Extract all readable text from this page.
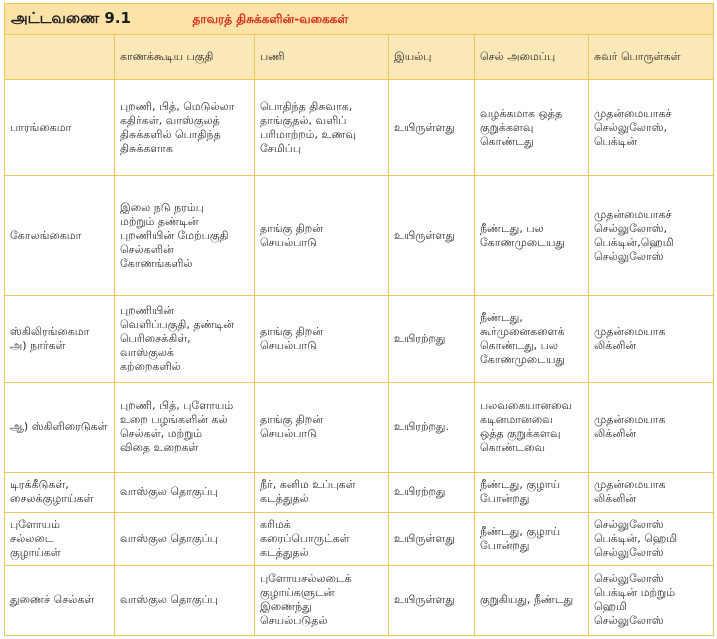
அட்டவணை 9.1 தாவரத் திசுக்களின்-வகைகள்					
	காணக்கூடிய பகுதி	பணி	இயல்பு	செல் அமைப்பு	சுவர் பொருள்கள்
பாரங்கைமா	புறணி, பித், மெடுல்லா
கதிர்கள், வாஸ்குலத்
திசுக்களில் பொதிந்த
திசுக்களாக	பொதிந்த திசுவாக,
தாங்குதல், வளிப்
பரிமாற்றம், உணவு
சேமிப்பு	உயிருள்ளது	வழக்கமாக ஒத்த
குறுக்களவு
கொண்டது	முதன்மையாகச்
செல்லுலோஸ்,
பெக்டின்

கோலங்கைமா	இலை நடு நரம்பு
மற்றும் தண்டின்
புறணியின் மேற்பகுதி
செல்களின்
கோணங்களில்	தாங்கு திறன்
செயல்பாடு	உயிருள்ளது	நீண்டது, பல
கோணமுடையது	முதன்மையாகச்
செல்லுலோஸ்,
பெக்டின்,ஹெமி
செல்லுலோஸ்

ஸ்கிலிரங்கைமா
அ) நார்கள்	புறணியின்
வெளிப்பகுதி, தண்டின்
பெரிசைக்கிள்,
வாஸ்குலக்
கற்றைகளில்	தாங்கு திறன்
செயல்பாடு	உயிரற்றது	நீண்டது,
கூர்முனைகளைக்
கொண்டது, பல
கோணமுடையது	முதன்மையாக
லிக்னின்

ஆ) ஸ்கிளிரைடுகள்	புறணி, பித், புளோயம்
உறை பழங்களின் கல்
செல்கள், மற்றும்
விதை உறைகள்	தாங்கு திறன்
செயல்பாடு	உயிரற்றது.	பலவகையானவை
கடினமானவை
ஒத்த குறுக்களவு
கொண்டவை	முதன்மையாக
லிக்னின்

டிரக்கீடுகள்,
சைலக்குழாய்கள்	வாஸ்குல தொகுப்பு	நீர், கனிம உப்புகள்
கடத்துதல்	உயிரற்றது	நீண்டது, குழாய்
போன்றது	முதன்மையாக
லிக்னின்

புளோயம்
சல்லடை
குழாய்கள்	வாஸ்குல தொகுப்பு	கரிமக்
கரைப்பொருட்கள்
கடத்துதல்	உயிருள்ளது	நீண்டது, குழாய்
போன்றது	செல்லுலோஸ்
பெக்டின், ஹெமி
செல்லுலோஸ்

துணைச் செல்கள்	வாஸ்குல தொகுப்பு	புளோயசல்லடைக்
குழாய்களுடன்
இணைந்து
செயல்படுதல்	உயிருள்ளது	குறுகியது, நீண்டது	செல்லுலோஸ்
பெக்டின் மற்றும்
ஹெமி
செல்லுலோஸ்
